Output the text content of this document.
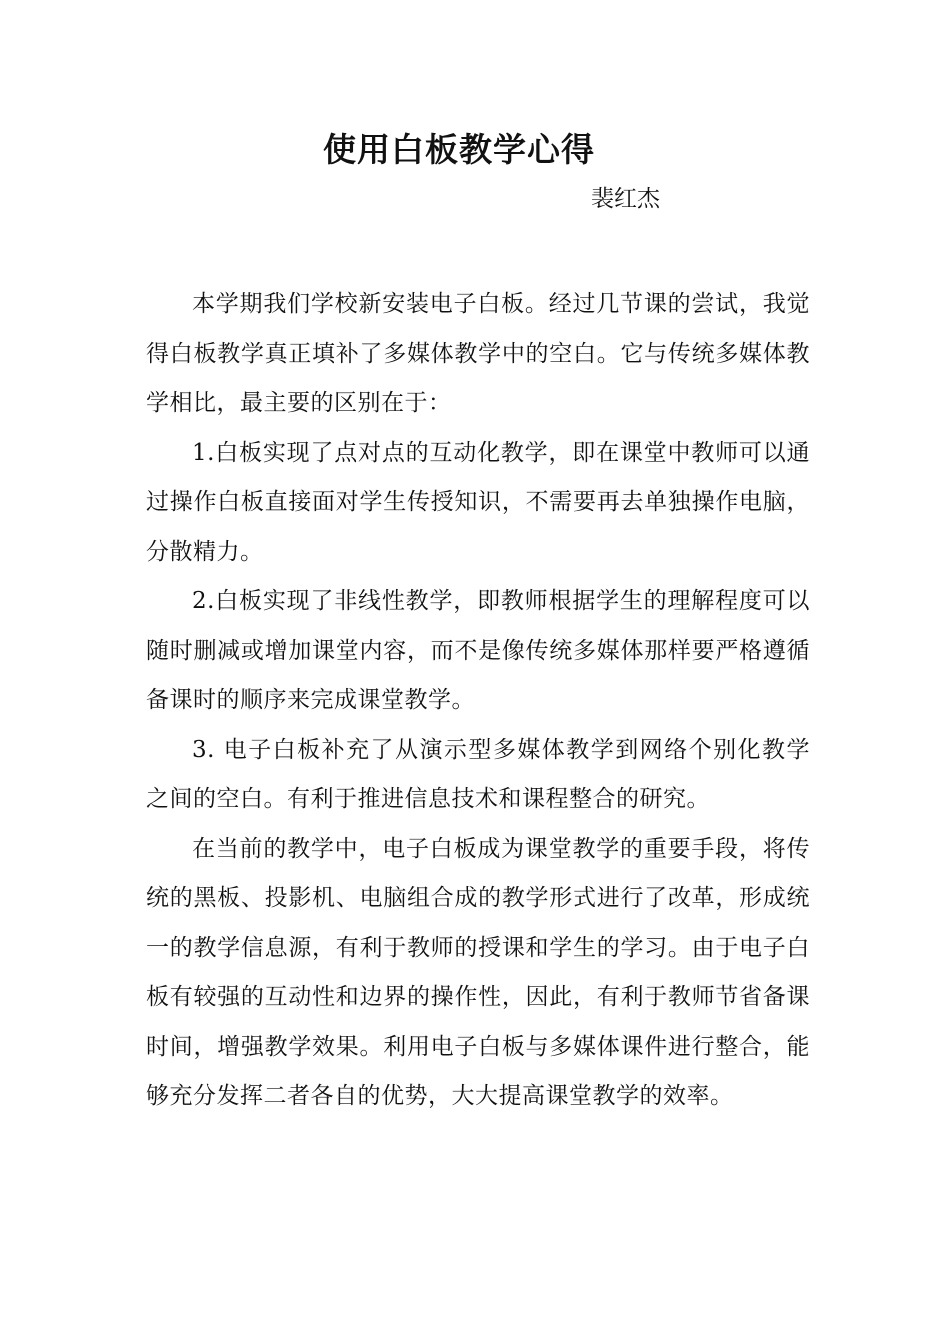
使用白板教学心得

裴红杰

本学期我们学校新安装电子白板。经过几节课的尝试，我觉得白板教学真正填补了多媒体教学中的空白。它与传统多媒体教学相比，最主要的区别在于：

1.白板实现了点对点的互动化教学，即在课堂中教师可以通过操作白板直接面对学生传授知识，不需要再去单独操作电脑，分散精力。

2.白板实现了非线性教学，即教师根据学生的理解程度可以随时删减或增加课堂内容，而不是像传统多媒体那样要严格遵循备课时的顺序来完成课堂教学。

3. 电子白板补充了从演示型多媒体教学到网络个别化教学之间的空白。有利于推进信息技术和课程整合的研究。

在当前的教学中，电子白板成为课堂教学的重要手段，将传统的黑板、投影机、电脑组合成的教学形式进行了改革，形成统一的教学信息源，有利于教师的授课和学生的学习。由于电子白板有较强的互动性和边界的操作性，因此，有利于教师节省备课时间，增强教学效果。利用电子白板与多媒体课件进行整合，能够充分发挥二者各自的优势，大大提高课堂教学的效率。
